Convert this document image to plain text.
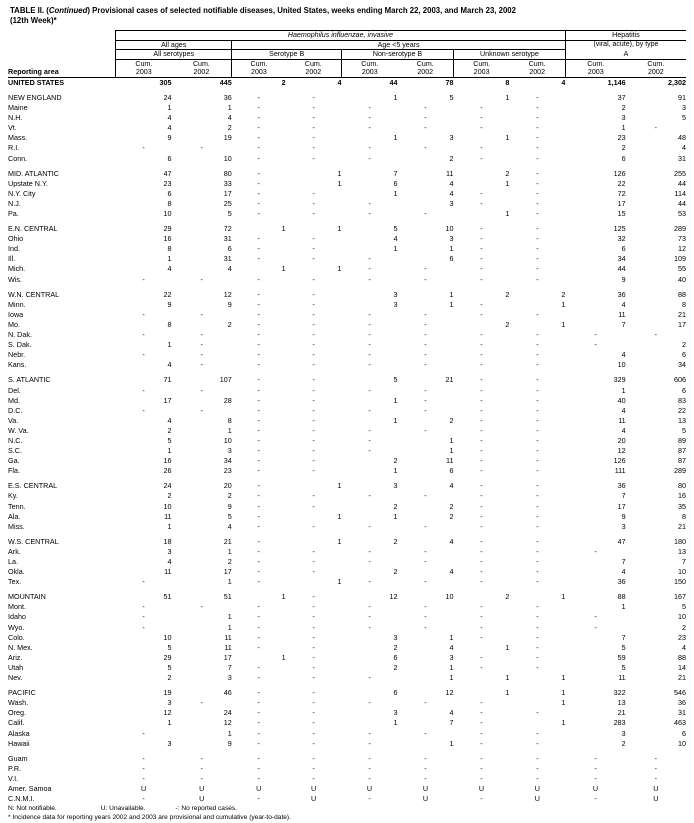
TABLE II. (Continued) Provisional cases of selected notifiable diseases, United States, weeks ending March 22, 2003, and March 23, 2002
(12th Week)*
	Haemophilus influenzae, invasive								Hepatitis	
	All ages		Age <5 years						(viral, acute), by type	
	All serotypes		Serotype B		Non-serotype B		Unknown serotype		A	
	Cum.	Cum.	Cum.	Cum.	Cum.	Cum.	Cum.	Cum.	Cum.	Cum.
Reporting area	2003	2002	2003	2002	2003	2002	2003	2002	2003	2002
UNITED STATES	305	445	2	4	44	78	8	4	1,146	2,302

NEW ENGLAND	24	36	-	-	1	5	1	-	37	91
Maine	1	1	-	-	-	-	-	-	2	3
N.H.	4	4	-	-	-	-	-	-	3	5
Vt.	4	2	-	-	-	-	-	-	1	-
Mass.	9	19	-	-	1	3	1	-	23	48
R.I.	-	-	-	-	-	-	-	-	2	4
Conn.	6	10	-	-	-	2	-	-	6	31

MID. ATLANTIC	47	80	-	1	7	11	2	-	126	255
Upstate N.Y.	23	33	-	1	6	4	1	-	22	44
N.Y. City	6	17	-	-	1	4	-	-	72	114
N.J.	8	25	-	-	-	3	-	-	17	44
Pa.	10	5	-	-	-	-	1	-	15	53

E.N. CENTRAL	29	72	1	1	5	10	-	-	125	289
Ohio	16	31	-	-	4	3	-	-	32	73
Ind.	8	6	-	-	1	1	-	-	6	12
Ill.	1	31	-	-	-	6	-	-	34	109
Mich.	4	4	1	1	-	-	-	-	44	55
Wis.	-	-	-	-	-	-	-	-	9	40

W.N. CENTRAL	22	12	-	-	3	1	2	2	36	88
Minn.	9	9	-	-	3	1	-	1	4	8
Iowa	-	-	-	-	-	-	-	-	11	21
Mo.	8	2	-	-	-	-	2	1	7	17
N. Dak.	-	-	-	-	-	-	-	-	-	-
S. Dak.	1	-	-	-	-	-	-	-	-	2
Nebr.	-	-	-	-	-	-	-	-	4	6
Kans.	4	-	-	-	-	-	-	-	10	34

S. ATLANTIC	71	107	-	-	5	21	-	-	329	606
Del.	-	-	-	-	-	-	-	-	1	6
Md.	17	28	-	-	1	-	-	-	40	83
D.C.	-	-	-	-	-	-	-	-	4	22
Va.	4	8	-	-	1	2	-	-	11	13
W. Va.	2	1	-	-	-	-	-	-	4	5
N.C.	5	10	-	-	-	1	-	-	20	89
S.C.	1	3	-	-	-	1	-	-	12	87
Ga.	16	34	-	-	2	11	-	-	126	87
Fla.	26	23	-	-	1	6	-	-	111	289

E.S. CENTRAL	24	20	-	1	3	4	-	-	36	80
Ky.	2	2	-	-	-	-	-	-	7	16
Tenn.	10	9	-	-	2	2	-	-	17	35
Ala.	11	5	-	1	1	2	-	-	9	8
Miss.	1	4	-	-	-	-	-	-	3	21

W.S. CENTRAL	18	21	-	1	2	4	-	-	47	180
Ark.	3	1	-	-	-	-	-	-	-	13
La.	4	2	-	-	-	-	-	-	7	7
Okla.	11	17	-	-	2	4	-	-	4	10
Tex.	-	1	-	1	-	-	-	-	36	150

MOUNTAIN	51	51	1	-	12	10	2	1	88	167
Mont.	-	-	-	-	-	-	-	-	1	5
Idaho	-	1	-	-	-	-	-	-	-	10
Wyo.	-	1	-	-	-	-	-	-	-	2
Colo.	10	11	-	-	3	1	-	-	7	23
N. Mex.	5	11	-	-	2	4	1	-	5	4
Ariz.	29	17	1	-	6	3	-	-	59	88
Utah	5	7	-	-	2	1	-	-	5	14
Nev.	2	3	-	-	-	1	1	1	11	21

PACIFIC	19	46	-	-	6	12	1	1	322	546
Wash.	3	-	-	-	-	-	-	1	13	36
Oreg.	12	24	-	-	3	4	-	-	21	31
Calif.	1	12	-	-	1	7	-	1	283	463
Alaska	-	1	-	-	-	-	-	-	3	6
Hawaii	3	9	-	-	-	1	-	-	2	10

Guam	-	-	-	-	-	-	-	-	-	-
P.R.	-	-	-	-	-	-	-	-	-	-
V.I.	-	-	-	-	-	-	-	-	-	-
Amer. Samoa	U	U	U	U	U	U	U	U	U	U
C.N.M.I.	-	U	-	U	-	U	-	U	-	U
N: Not notifiable.	U: Unavailable.	-: No reported cases.
* Incidence data for reporting years 2002 and 2003 are provisional and cumulative (year-to-date).
